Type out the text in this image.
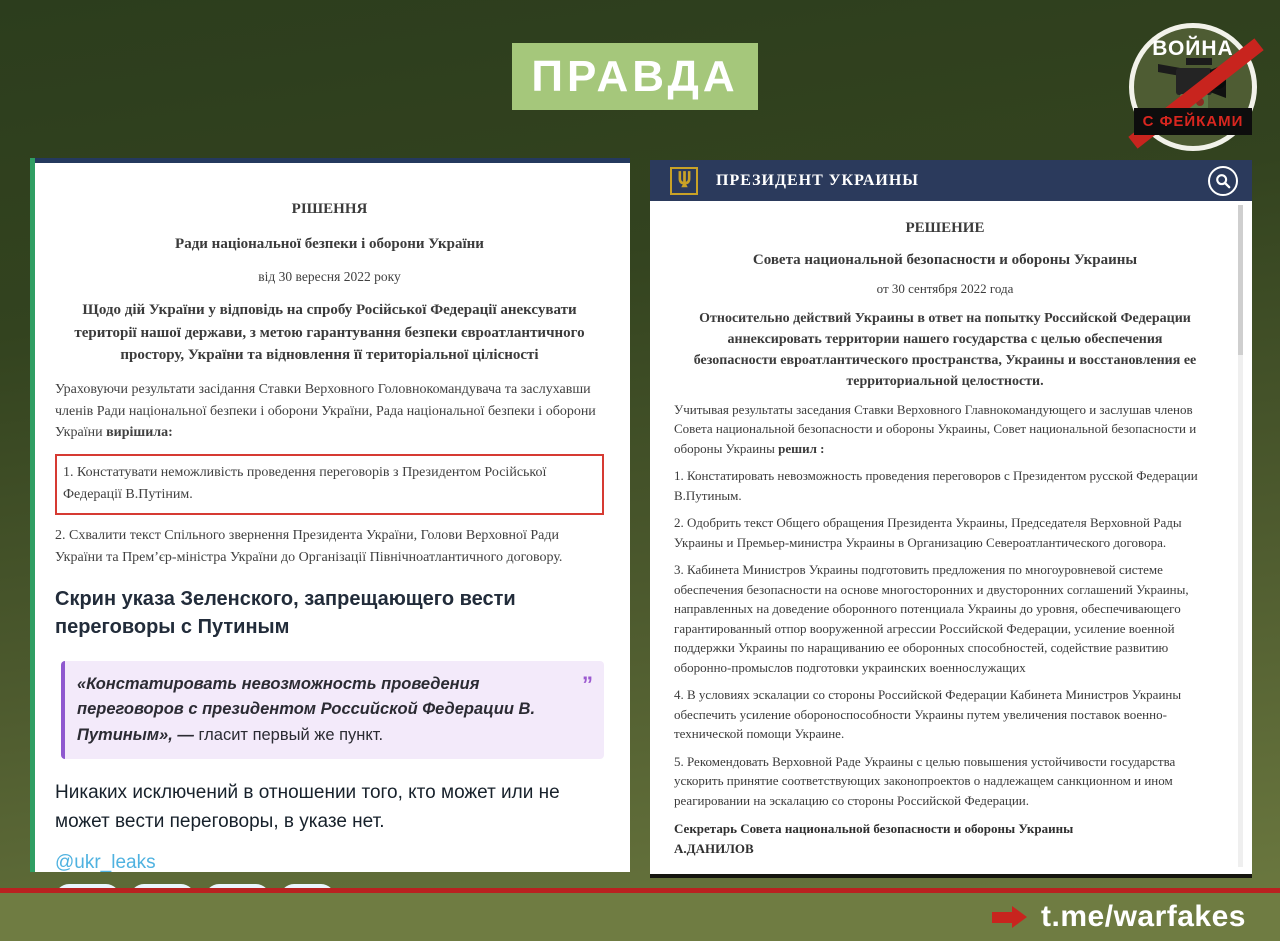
ПРАВДА
ВОЙНА
С ФЕЙКАМИ
РІШЕННЯ
Ради національної безпеки і оборони України
від 30 вересня 2022 року
Щодо дій України у відповідь на спробу Російської Федерації анексувати території нашої держави, з метою гарантування безпеки євроатлантичного простору, України та відновлення її територіальної цілісності
Ураховуючи результати засідання Ставки Верховного Головнокомандувача та заслухавши членів Ради національної безпеки і оборони України, Рада національної безпеки і оборони України вирішила:
1. Констатувати неможливість проведення переговорів з Президентом Російської Федерації В.Путіним.
2. Схвалити текст Спільного звернення Президента України, Голови Верховної Ради України та Прем’єр-міністра України до Організації Північноатлантичного договору.
Скрин указа Зеленского, запрещающего вести переговоры с Путиным
«Констатировать невозможность проведения переговоров с президентом Российской Федерации В. Путиным», — гласит первый же пункт.
”
Никаких исключений в отношении того, кто может или не может вести переговоры, в указе нет.
@ukr_leaks
ПРЕЗИДЕНТ УКРАИНЫ
РЕШЕНИЕ
Совета национальной безопасности и обороны Украины
от 30 сентября 2022 года
Относительно действий Украины в ответ на попытку Российской Федерации аннексировать территории нашего государства с целью обеспечения безопасности евроатлантического пространства, Украины и восстановления ее территориальной целостности.
Учитывая результаты заседания Ставки Верховного Главнокомандующего и заслушав членов Совета национальной безопасности и обороны Украины, Совет национальной безопасности и обороны Украины решил :
1. Констатировать невозможность проведения переговоров с Президентом русской Федерации В.Путиным.
2. Одобрить текст Общего обращения Президента Украины, Председателя Верховной Рады Украины и Премьер-министра Украины в Организацию Североатлантического договора.
3. Кабинета Министров Украины подготовить предложения по многоуровневой системе обеспечения безопасности на основе многосторонних и двусторонних соглашений Украины, направленных на доведение оборонного потенциала Украины до уровня, обеспечивающего гарантированный отпор вооруженной агрессии Российской Федерации, усиление военной поддержки Украины по наращиванию ее оборонных способностей, содействие развитию оборонно-промыслов подготовки украинских военнослужащих
4. В условиях эскалации со стороны Российской Федерации Кабинета Министров Украины обеспечить усиление обороноспособности Украины путем увеличения поставок военно-технической помощи Украине.
5. Рекомендовать Верховной Раде Украины с целью повышения устойчивости государства ускорить принятие соответствующих законопроектов о надлежащем санкционном и ином реагировании на эскалацию со стороны Российской Федерации.
Секретарь Совета национальной безопасности и обороны Украины
А.ДАНИЛОВ
t.me/warfakes
